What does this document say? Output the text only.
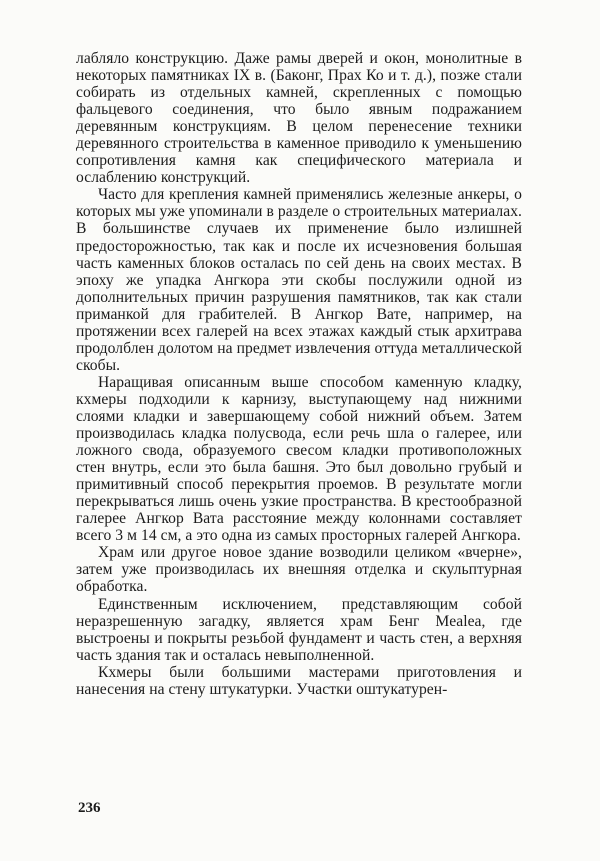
лабляло конструкцию. Даже рамы дверей и окон, монолитные в некоторых памятниках IX в. (Баконг, Прах Ко и т. д.), позже стали собирать из отдельных камней, скрепленных с помощью фальцевого соединения, что было явным подражанием деревянным конструкциям. В целом перенесение техники деревянного строительства в каменное приводило к уменьшению сопротивления камня как специфического материала и ослаблению конструкций.

Часто для крепления камней применялись железные анкеры, о которых мы уже упоминали в разделе о строительных материалах. В большинстве случаев их применение было излишней предосторожностью, так как и после их исчезновения большая часть каменных блоков осталась по сей день на своих местах. В эпоху же упадка Ангкора эти скобы послужили одной из дополнительных причин разрушения памятников, так как стали приманкой для грабителей. В Ангкор Вате, например, на протяжении всех галерей на всех этажах каждый стык архитрава продолблен долотом на предмет извлечения оттуда металлической скобы.

Наращивая описанным выше способом каменную кладку, кхмеры подходили к карнизу, выступающему над нижними слоями кладки и завершающему собой нижний объем. Затем производилась кладка полусвода, если речь шла о галерее, или ложного свода, образуемого свесом кладки противоположных стен внутрь, если это была башня. Это был довольно грубый и примитивный способ перекрытия проемов. В результате могли перекрываться лишь очень узкие пространства. В крестообразной галерее Ангкор Вата расстояние между колоннами составляет всего 3 м 14 см, а это одна из самых просторных галерей Ангкора.

Храм или другое новое здание возводили целиком «вчерне», затем уже производилась их внешняя отделка и скульптурная обработка.

Единственным исключением, представляющим собой неразрешенную загадку, является храм Бенг Мealea, где выстроены и покрыты резьбой фундамент и часть стен, а верхняя часть здания так и осталась невыполненной.

Кхмеры были большими мастерами приготовления и нанесения на стену штукатурки. Участки оштукатурен-

236
